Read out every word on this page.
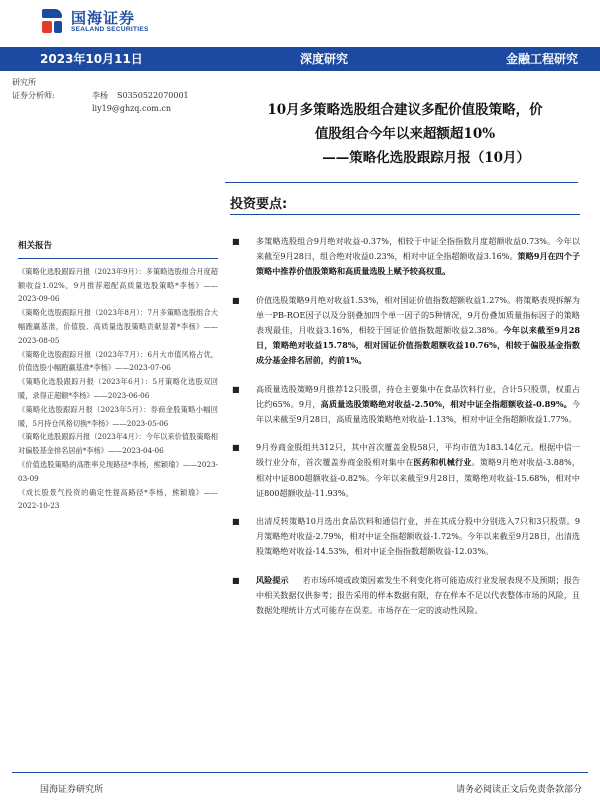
国海证券
SEALAND SECURITIES
2023年10月11日	深度研究	金融工程研究
研究所
证券分析师:	李杨	S0350522070001
liy19@ghzq.com.cn	10月多策略选股组合建议多配价值股策略，价
值股组合今年以来超额超10%
——策略化选股跟踪月报（10月）
投资要点:
相关报告
《策略化选股跟踪月报（2023年9月）：多策略选股组合月度超额收益1.02%，9月推荐超配高质量选股策略*李杨》——2023-09-06
《策略化选股跟踪月报（2023年8月）：7月多策略选股组合大幅跑赢基准，价值股、高质量选股策略贡献显著*李杨》——2023-08-05
《策略化选股跟踪月报（2023年7月）：6月大市值风格占优，价值选股小幅跑赢基准*李杨》——2023-07-06
《策略化选股跟踪月报（2023年6月）：5月策略化选股双回暖，录得正超额*李杨》——2023-06-06
《策略化选股跟踪月报（2023年5月）：券商金股策略小幅回暖，5月持仓风格切换*李杨》——2023-05-06
《策略化选股跟踪月报（2023年4月）：今年以来价值股策略相对偏股基金排名居前*李杨》——2023-04-06
《价值选股策略的高胜率兑现路径*李杨，熊颖瑜》——2023-03-09
《成长股景气投资的确定性提高路径*李杨，熊颖瑜》——2022-10-23
■	多策略选股组合9月绝对收益-0.37%，相较于中证全指指数月度超额收益0.73%。今年以来截至9月28日，组合绝对收益0.23%，相对中证全指超额收益3.16%。策略9月在四个子策略中推荐价值股策略和高质量选股上赋予较高权重。
■	价值选股策略9月绝对收益1.53%，相对国证价值指数超额收益1.27%。将策略表现拆解为单一PB-ROE因子以及分别叠加四个单一因子的5种情况，9月份叠加质量指标因子的策略表现最佳，月收益3.16%，相较于国证价值指数超额收益2.38%。今年以来截至9月28日，策略绝对收益15.78%，相对国证价值指数超额收益10.76%，相较于偏股基金指数成分基金排名居前，约前1%。
■	高质量选股策略9月推荐12只股票，持仓主要集中在食品饮料行业，合计5只股票，权重占比约65%。9月，高质量选股策略绝对收益-2.50%，相对中证全指超额收益-0.89%。今年以来截至9月28日，高质量选股策略绝对收益-1.13%，相对中证全指超额收益1.77%。
■	9月券商金股组共312只，其中首次覆盖金股58只，平均市值为183.14亿元。根据中信一级行业分布，首次覆盖券商金股相对集中在医药和机械行业。策略9月绝对收益-3.88%，相对中证800超额收益-0.82%。今年以来截至9月28日，策略绝对收益-15.68%，相对中证800超额收益-11.93%。
■	出清反转策略10月选出食品饮料和通信行业，并在其成分股中分别选入7只和3只股票。9月策略绝对收益-2.79%，相对中证全指超额收益-1.72%。今年以来截至9月28日，出清选股策略绝对收益-14.53%，相对中证全指指数超额收益-12.03%。
■	风险提示 若市场环境或政策因素发生不利变化将可能造成行业发展表现不及预期；报告中相关数据仅供参考；报告采用的样本数据有限，存在样本不足以代表整体市场的风险，且数据处理统计方式可能存在误差。市场存在一定的波动性风险。
国海证券研究所	请务必阅读正文后免责条款部分
